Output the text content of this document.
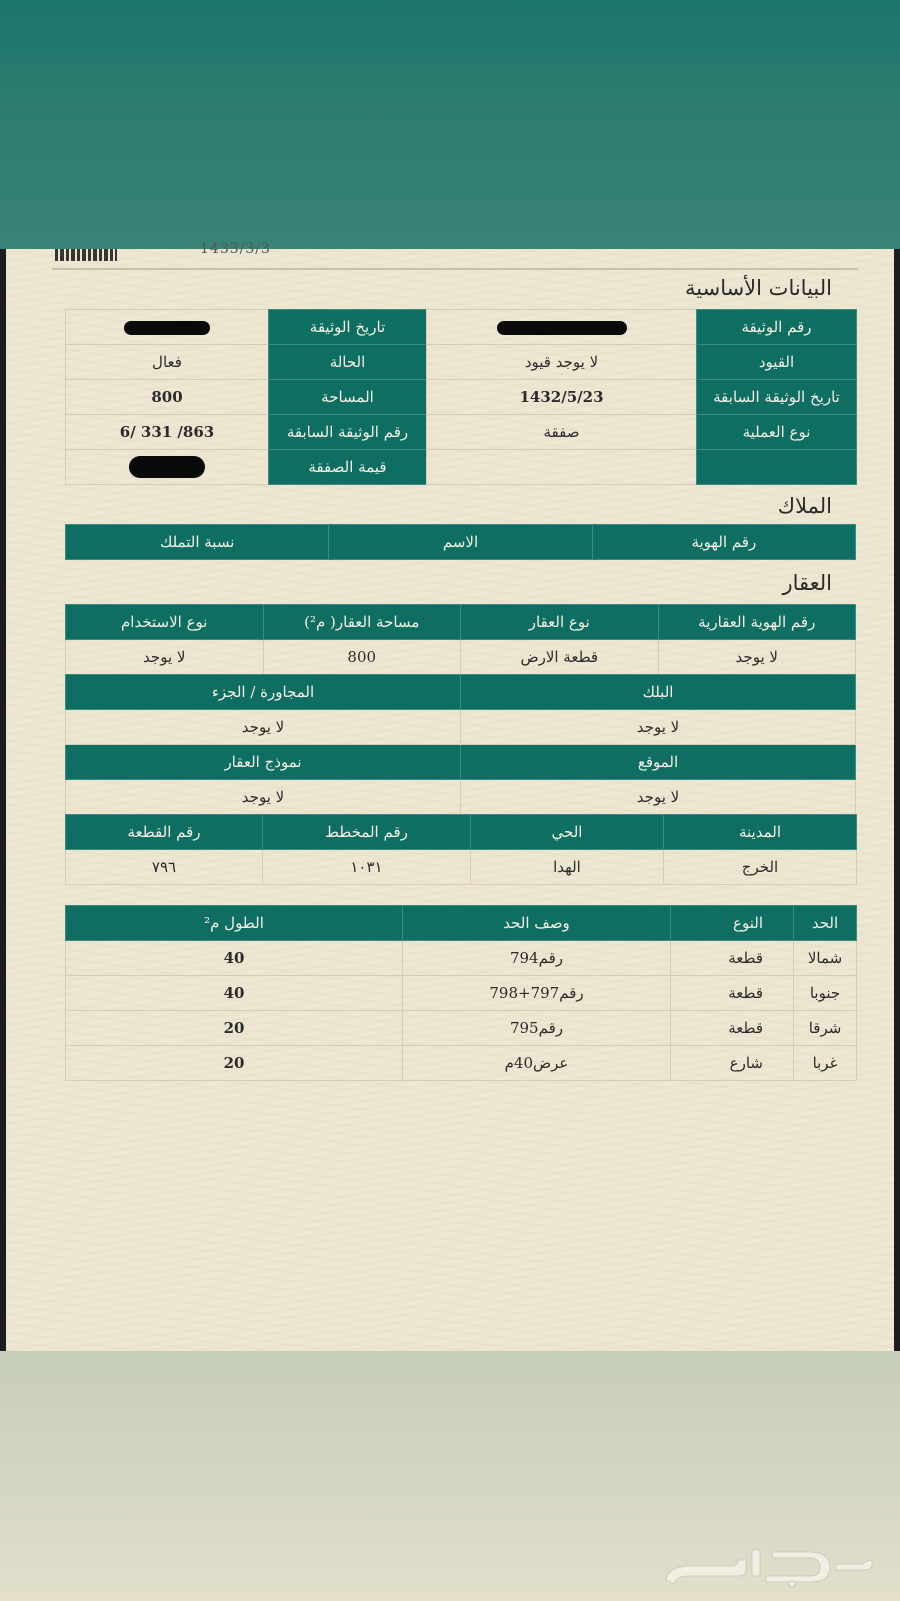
1433/3/3
البيانات الأساسية
رقم الوثيقة		تاريخ الوثيقة	
القيود	لا يوجد قيود	الحالة	فعال
تاريخ الوثيقة السابقة	1432/5/23	المساحة	800
نوع العملية	صفقة	رقم الوثيقة السابقة	6/ 331 /863
		قيمة الصفقة	
الملاك
رقم الهوية	الاسم	نسبة التملك
العقار
رقم الهوية العقارية	نوع العقار	مساحة العقار( م²)	نوع الاستخدام
لا يوجد	قطعة الارض	800	لا يوجد
البلك	المجاورة / الجزء
لا يوجد	لا يوجد
الموقع	نموذج العقار
لا يوجد	لا يوجد
المدينة	الحي	رقم المخطط	رقم القطعة
الخرج	الهدا	١٠٣١	٧٩٦
الحد	النوع	وصف الحد	الطول م²
شمالا	قطعة	رقم794	40
جنوبا	قطعة	رقم797+798	40
شرقا	قطعة	رقم795	20
غربا	شارع	عرض40م	20
